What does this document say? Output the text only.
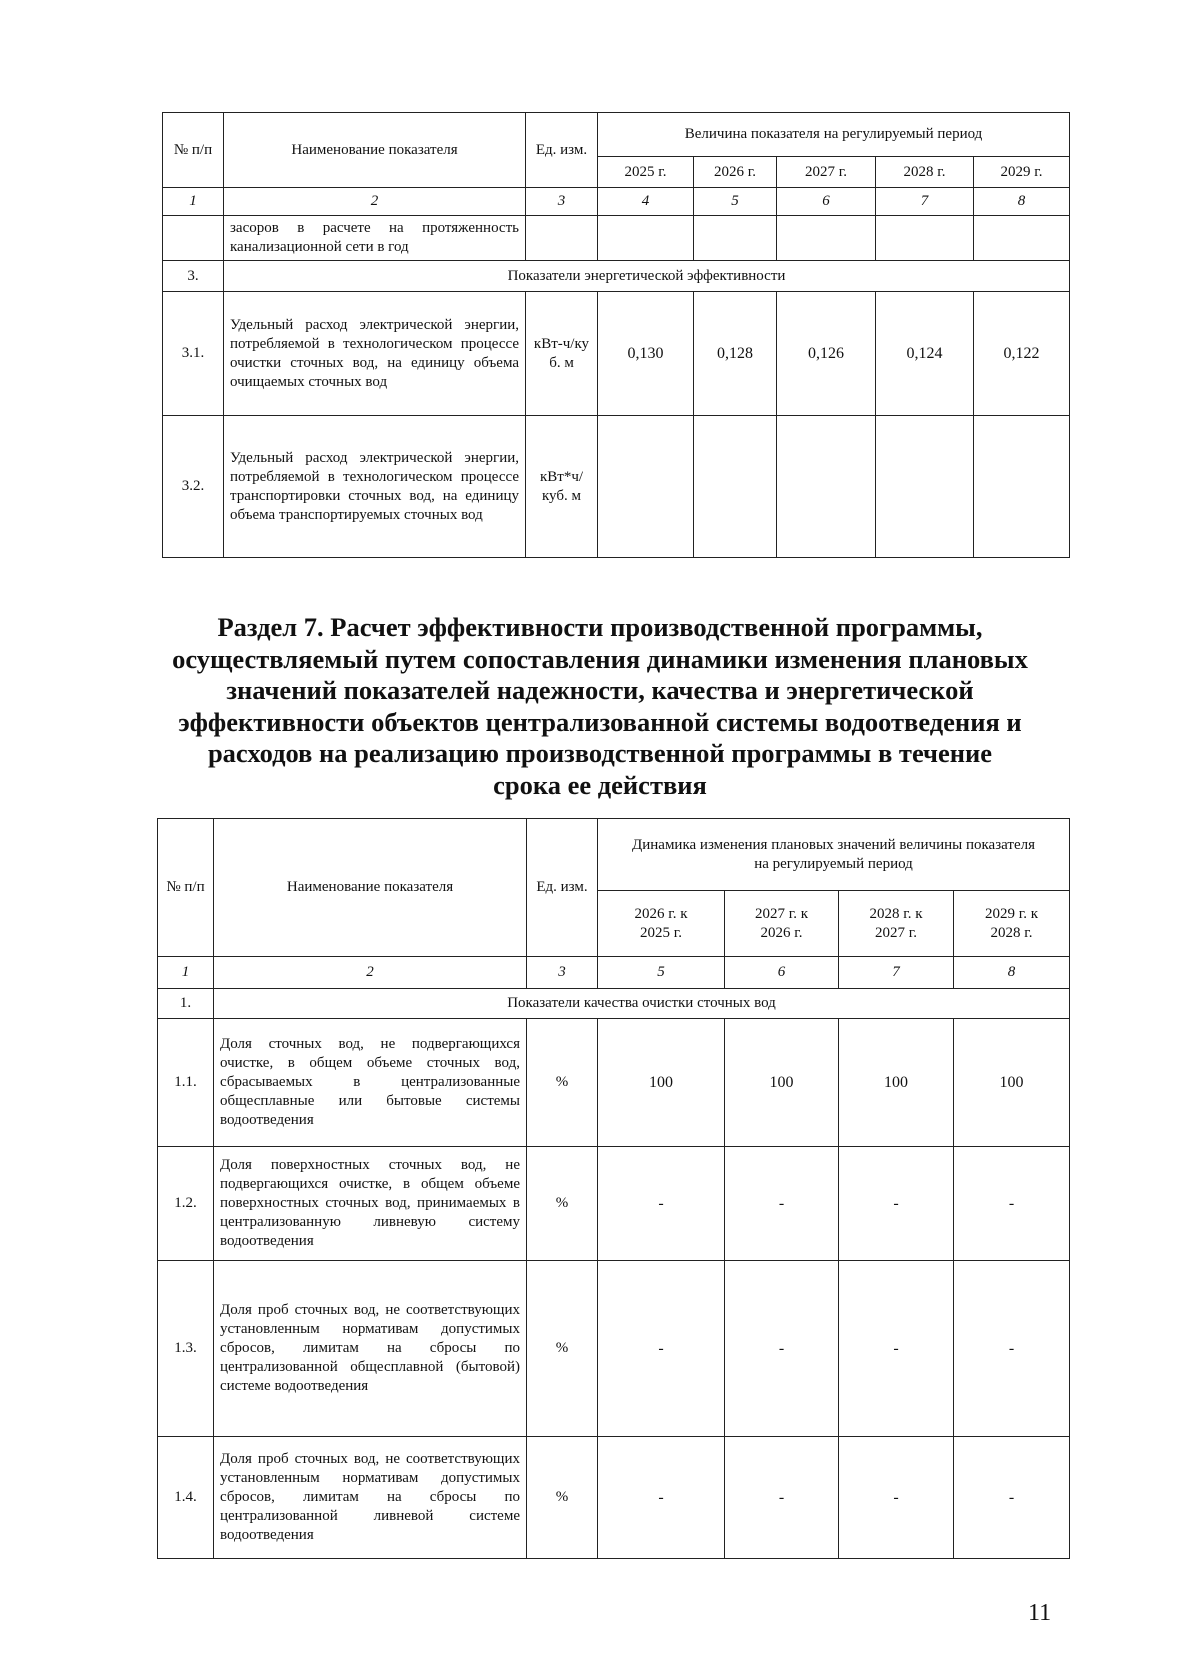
№ п/п	Наименование показателя	Ед. изм.	Величина показателя на регулируемый период				
			2025 г.	2026 г.	2027 г.	2028 г.	2029 г.
1	2	3	4	5	6	7	8
	засоров в расчете на протяженность канализационной сети в год						
3.	Показатели энергетической эффективности						
3.1.	Удельный расход электрической энергии, потребляемой в технологическом процессе очистки сточных вод, на единицу объема очищаемых сточных вод	кВт-ч/ку б. м	0,130	0,128	0,126	0,124	0,122
3.2.	Удельный расход электрической энергии, потребляемой в технологическом процессе транспортировки сточных вод, на единицу объема транспортируемых сточных вод	кВт*ч/ куб. м					
Раздел 7. Расчет эффективности производственной программы,
осуществляемый путем сопоставления динамики изменения плановых
значений показателей надежности, качества и энергетической
эффективности объектов централизованной системы водоотведения и
расходов на реализацию производственной программы в течение
срока ее действия
№ п/п	Наименование показателя	Ед. изм.	Динамика изменения плановых значений величины показателя на регулируемый период			
			2026 г. к 2025 г.	2027 г. к 2026 г.	2028 г. к 2027 г.	2029 г. к 2028 г.
1	2	3	5	6	7	8
1.	Показатели качества очистки сточных вод					
1.1.	Доля сточных вод, не подвергающихся очистке, в общем объеме сточных вод, сбрасываемых в централизованные общесплавные или бытовые системы водоотведения	%	100	100	100	100
1.2.	Доля поверхностных сточных вод, не подвергающихся очистке, в общем объеме поверхностных сточных вод, принимаемых в централизованную ливневую систему водоотведения	%	-	-	-	-
1.3.	Доля проб сточных вод, не соответствующих установленным нормативам допустимых сбросов, лимитам на сбросы по централизованной общесплавной (бытовой) системе водоотведения	%	-	-	-	-
1.4.	Доля проб сточных вод, не соответствующих установленным нормативам допустимых сбросов, лимитам на сбросы по централизованной ливневой системе водоотведения	%	-	-	-	-
11
